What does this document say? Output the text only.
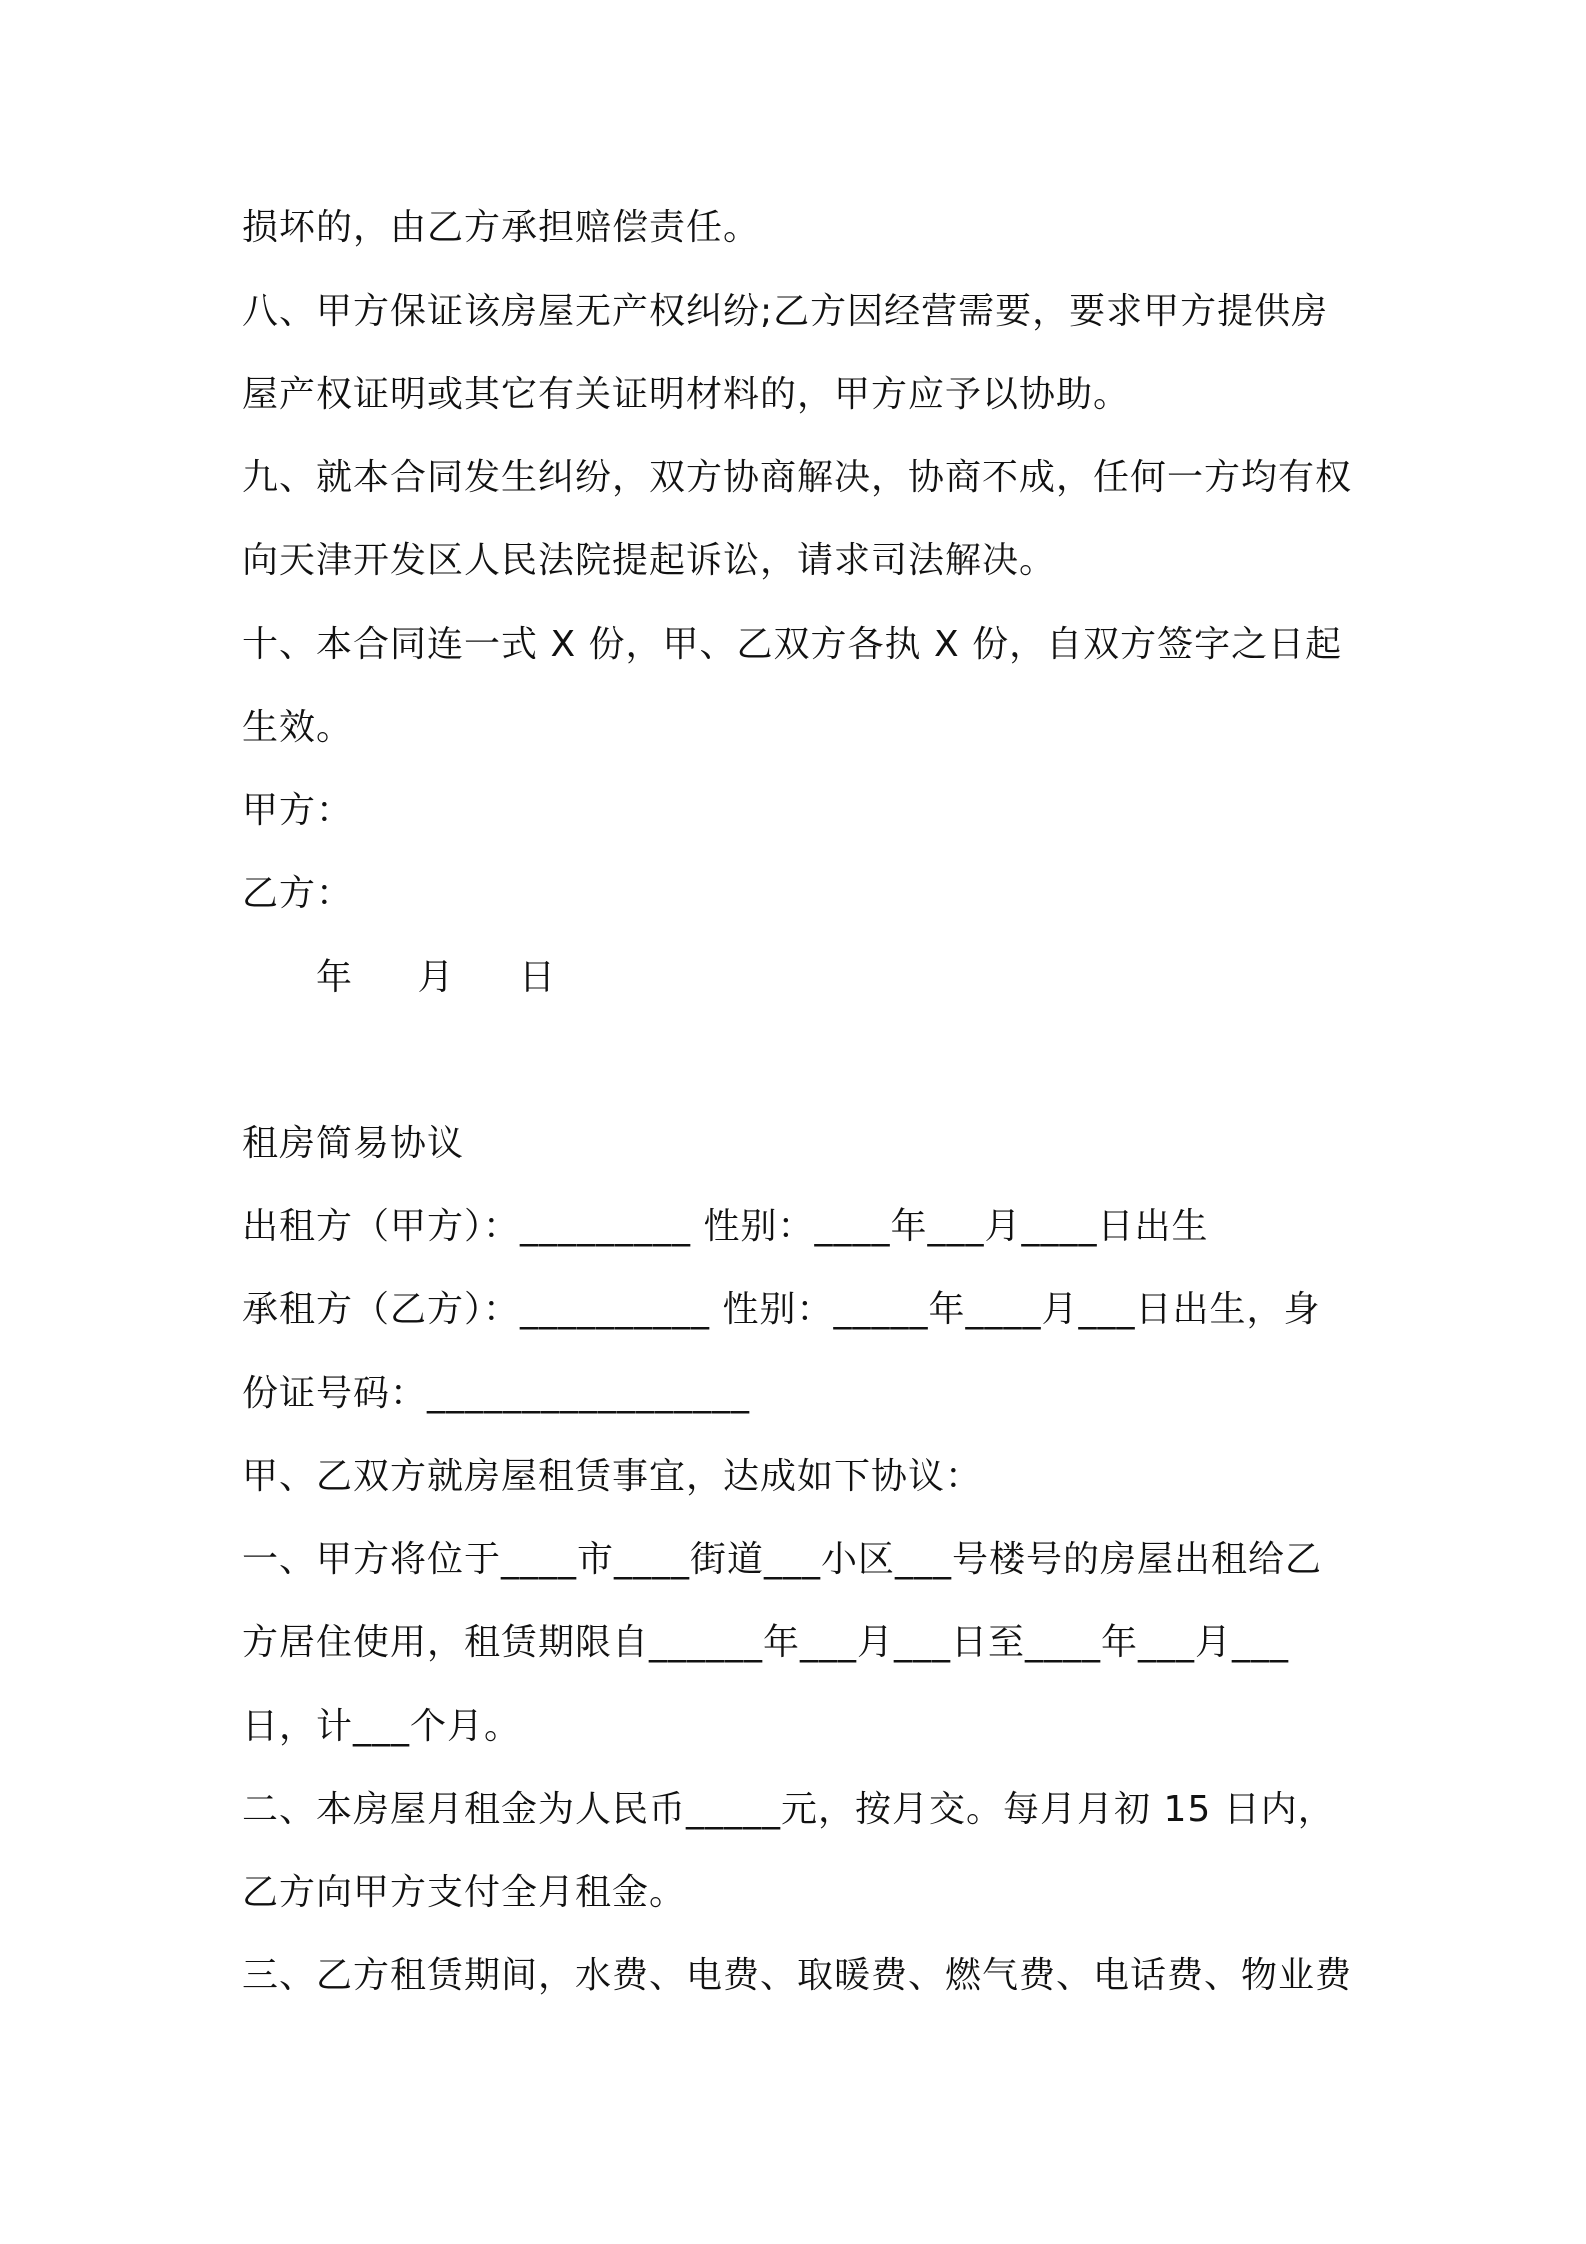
损坏的，由乙方承担赔偿责任。
八、甲方保证该房屋无产权纠纷;乙方因经营需要，要求甲方提供房
屋产权证明或其它有关证明材料的，甲方应予以协助。
九、就本合同发生纠纷，双方协商解决，协商不成，任何一方均有权
向天津开发区人民法院提起诉讼，请求司法解决。
十、本合同连一式 X 份，甲、乙双方各执 X 份，自双方签字之日起
生效。
甲方：
乙方：
年 月 日
租房简易协议
出租方（甲方）：_________ 性别：____年___月____日出生
承租方（乙方）：__________ 性别：_____年____月___日出生，身
份证号码：_________________
甲、乙双方就房屋租赁事宜，达成如下协议：
一、甲方将位于____市____街道___小区___号楼号的房屋出租给乙
方居住使用，租赁期限自______年___月___日至____年___月___
日，计___个月。
二、本房屋月租金为人民币_____元，按月交。每月月初 15 日内，
乙方向甲方支付全月租金。
三、乙方租赁期间，水费、电费、取暖费、燃气费、电话费、物业费
